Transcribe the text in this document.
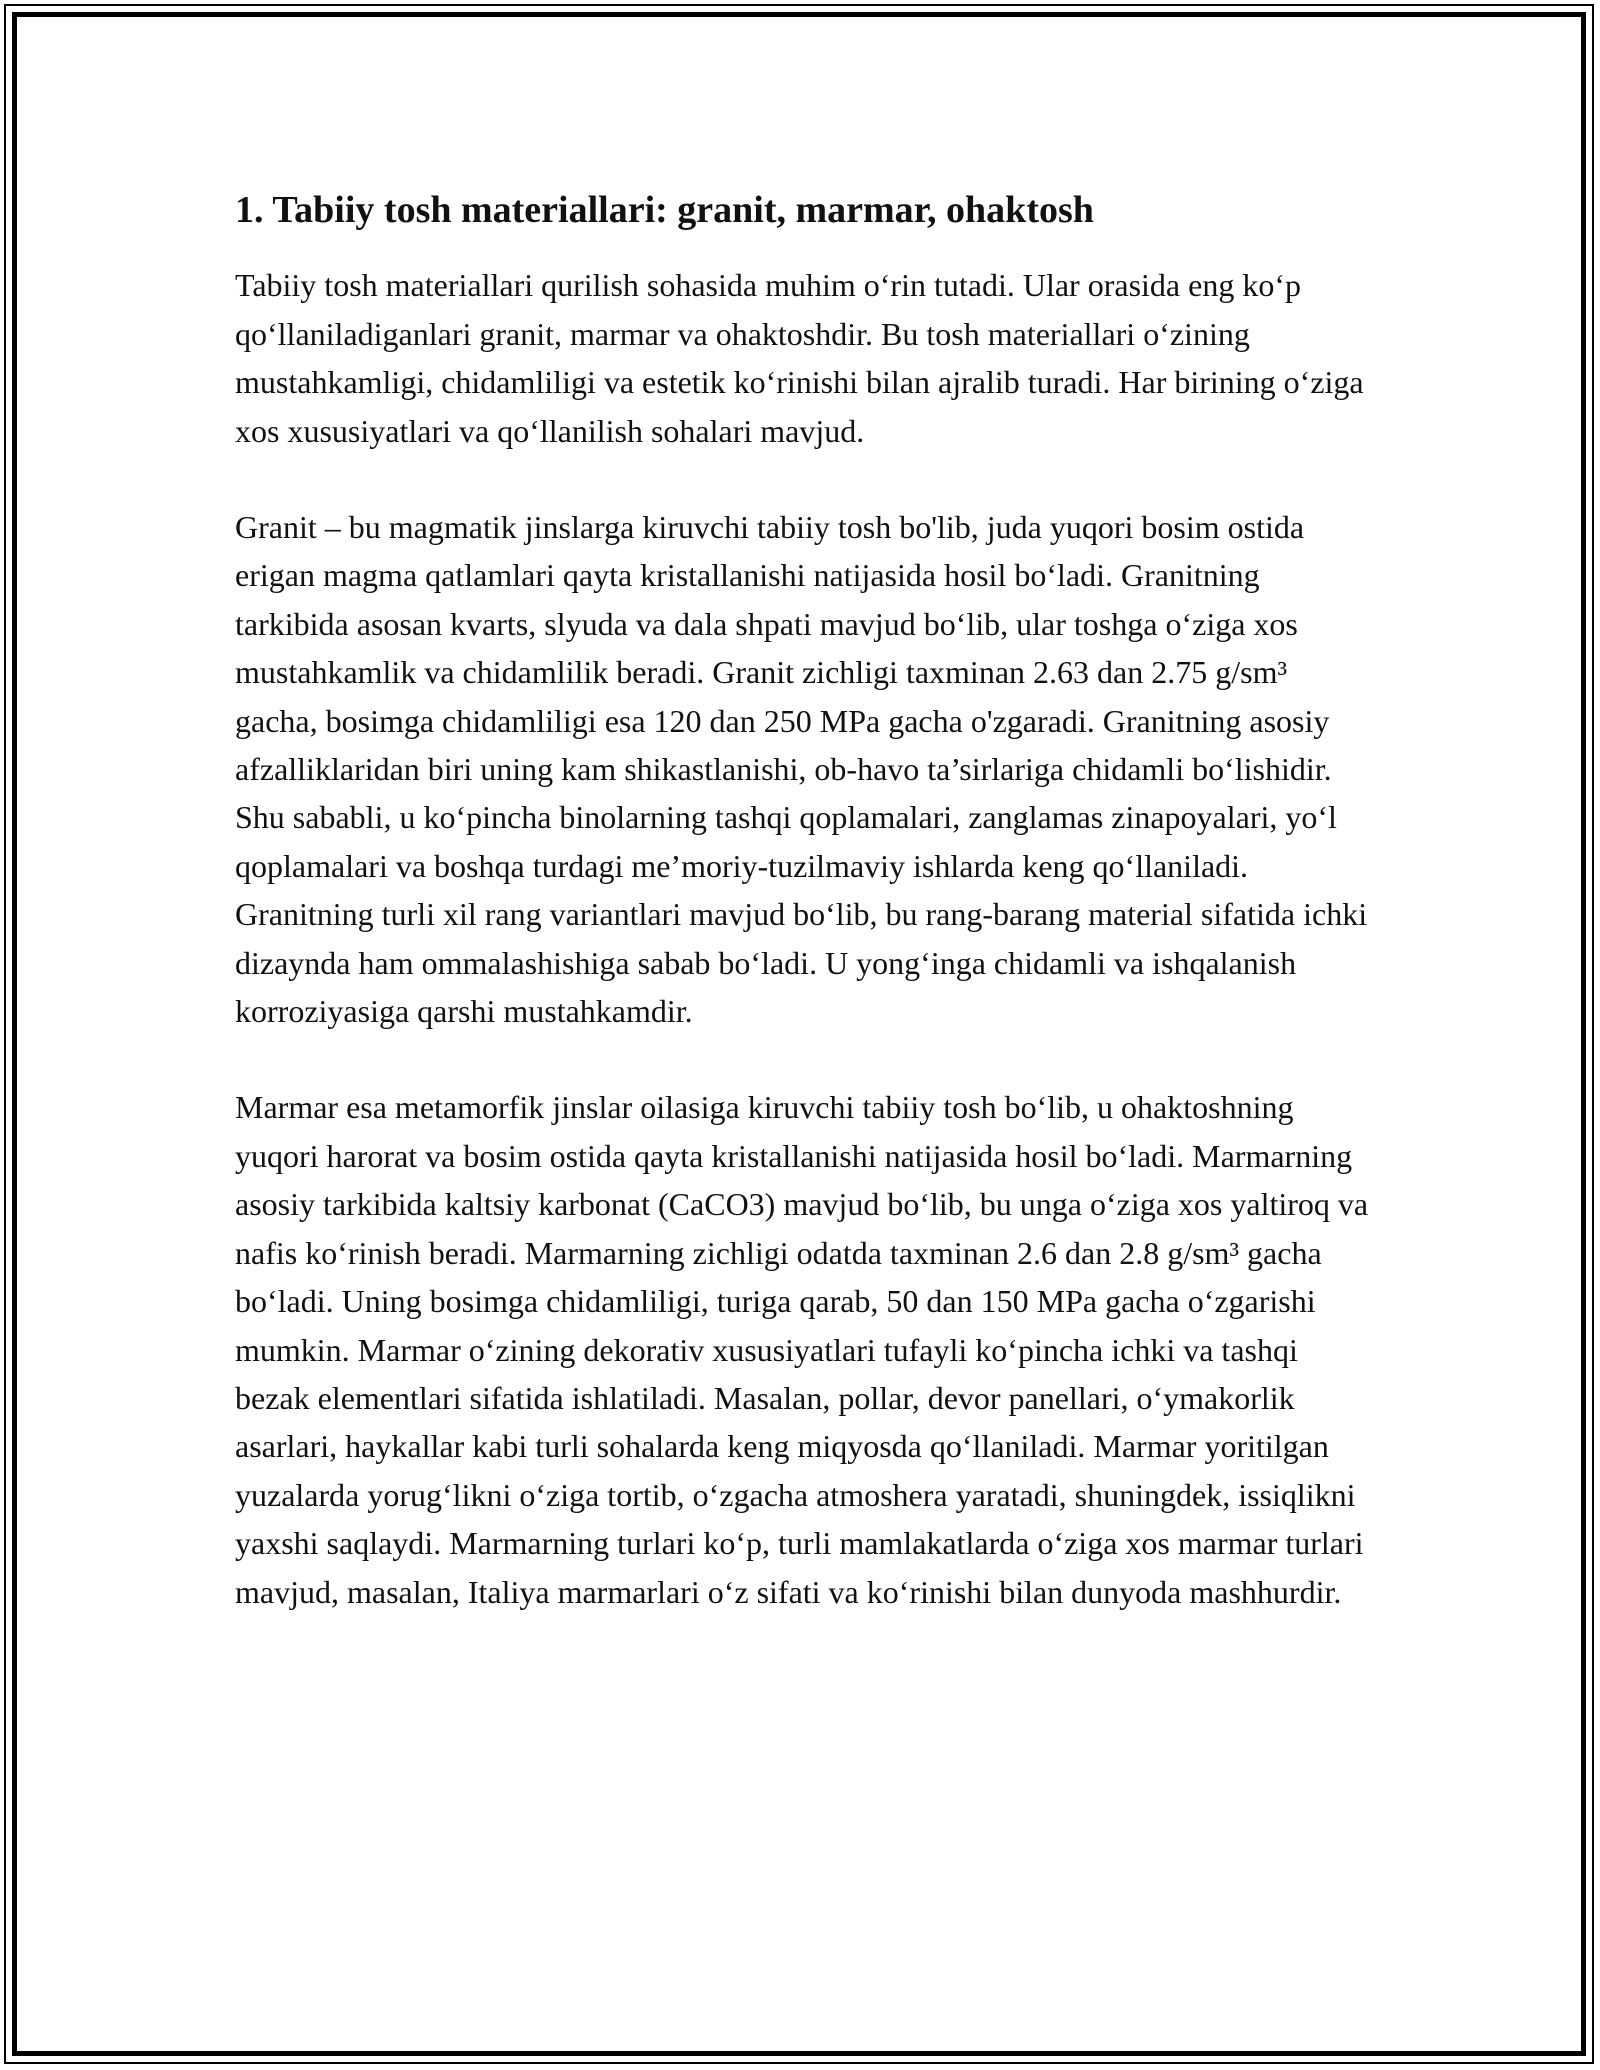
1. Tabiiy tosh materiallari: granit, marmar, ohaktosh

Tabiiy tosh materiallari qurilish sohasida muhim o‘rin tutadi. Ular orasida eng ko‘p qo‘llaniladiganlari granit, marmar va ohaktoshdir. Bu tosh materiallari o‘zining mustahkamligi, chidamliligi va estetik ko‘rinishi bilan ajralib turadi. Har birining o‘ziga xos xususiyatlari va qo‘llanilish sohalari mavjud.

Granit – bu magmatik jinslarga kiruvchi tabiiy tosh bo'lib, juda yuqori bosim ostida erigan magma qatlamlari qayta kristallanishi natijasida hosil bo‘ladi. Granitning tarkibida asosan kvarts, slyuda va dala shpati mavjud bo‘lib, ular toshga o‘ziga xos mustahkamlik va chidamlilik beradi. Granit zichligi taxminan 2.63 dan 2.75 g/sm³ gacha, bosimga chidamliligi esa 120 dan 250 MPa gacha o'zgaradi. Granitning asosiy afzalliklaridan biri uning kam shikastlanishi, ob-havo ta’sirlariga chidamli bo‘lishidir. Shu sababli, u ko‘pincha binolarning tashqi qoplamalari, zanglamas zinapoyalari, yo‘l qoplamalari va boshqa turdagi me’moriy-tuzilmaviy ishlarda keng qo‘llaniladi. Granitning turli xil rang variantlari mavjud bo‘lib, bu rang-barang material sifatida ichki dizaynda ham ommalashishiga sabab bo‘ladi. U yong‘inga chidamli va ishqalanish korroziyasiga qarshi mustahkamdir.

Marmar esa metamorfik jinslar oilasiga kiruvchi tabiiy tosh bo‘lib, u ohaktoshning yuqori harorat va bosim ostida qayta kristallanishi natijasida hosil bo‘ladi. Marmarning asosiy tarkibida kaltsiy karbonat (CaCO3) mavjud bo‘lib, bu unga o‘ziga xos yaltiroq va nafis ko‘rinish beradi. Marmarning zichligi odatda taxminan 2.6 dan 2.8 g/sm³ gacha bo‘ladi. Uning bosimga chidamliligi, turiga qarab, 50 dan 150 MPa gacha o‘zgarishi mumkin. Marmar o‘zining dekorativ xususiyatlari tufayli ko‘pincha ichki va tashqi bezak elementlari sifatida ishlatiladi. Masalan, pollar, devor panellari, o‘ymakorlik asarlari, haykallar kabi turli sohalarda keng miqyosda qo‘llaniladi. Marmar yoritilgan yuzalarda yorug‘likni o‘ziga tortib, o‘zgacha atmoshera yaratadi, shuningdek, issiqlikni yaxshi saqlaydi. Marmarning turlari ko‘p, turli mamlakatlarda o‘ziga xos marmar turlari mavjud, masalan, Italiya marmarlari o‘z sifati va ko‘rinishi bilan dunyoda mashhurdir.
